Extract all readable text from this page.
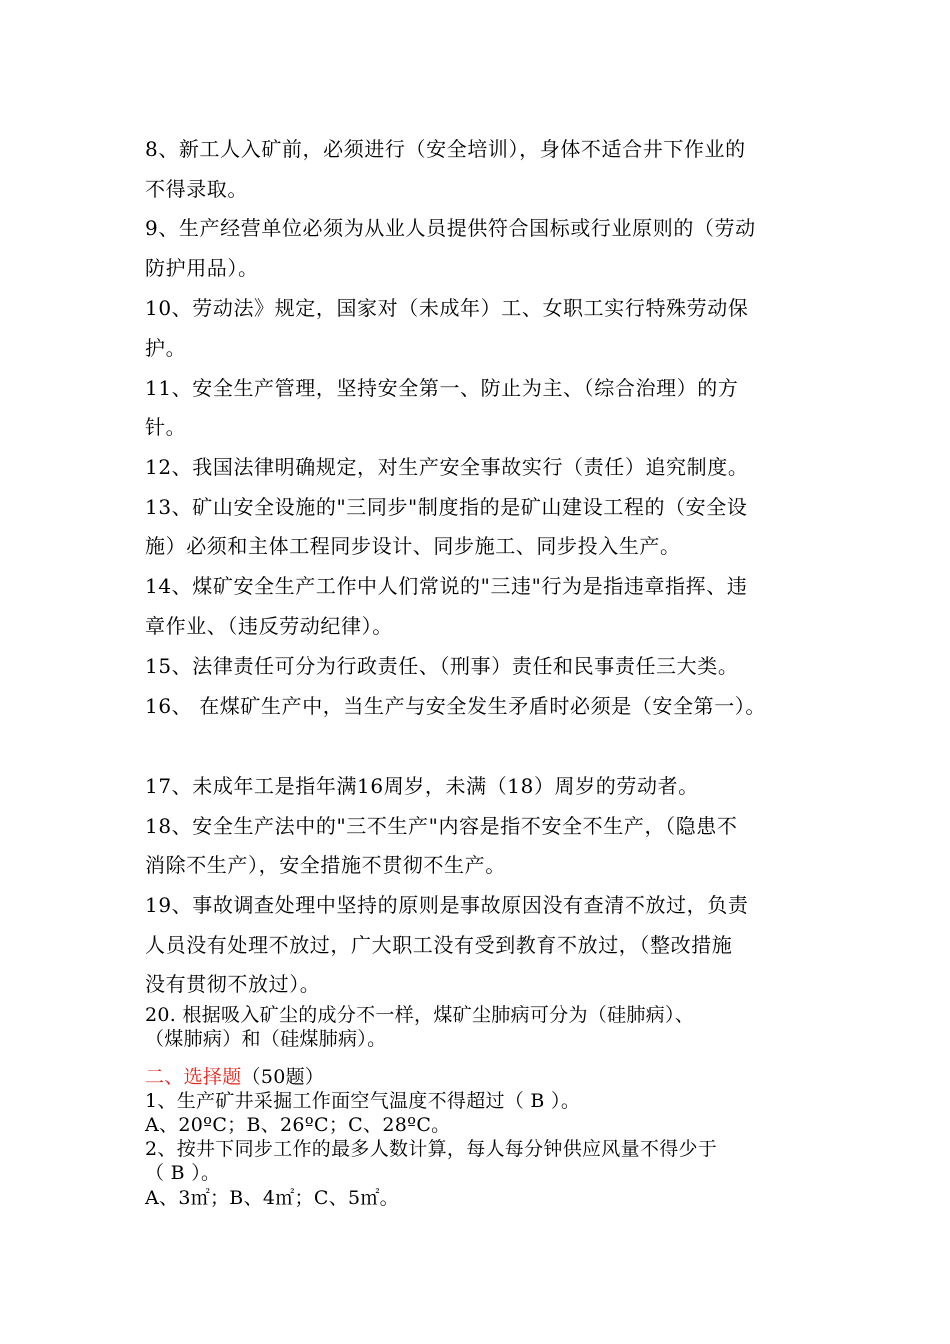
8、新工人入矿前，必须进行（安全培训），身体不适合井下作业的
不得录取。
9、生产经营单位必须为从业人员提供符合国标或行业原则的（劳动
防护用品）。
10、劳动法》规定，国家对（未成年）工、女职工实行特殊劳动保
护。
11、安全生产管理，坚持安全第一、防止为主、（综合治理）的方
针。
12、我国法律明确规定，对生产安全事故实行（责任）追究制度。
13、矿山安全设施的"三同步"制度指的是矿山建设工程的（安全设
施）必须和主体工程同步设计、同步施工、同步投入生产。
14、煤矿安全生产工作中人们常说的"三违"行为是指违章指挥、违
章作业、（违反劳动纪律）。
15、法律责任可分为行政责任、（刑事）责任和民事责任三大类。
16、 在煤矿生产中，当生产与安全发生矛盾时必须是（安全第一）。
17、未成年工是指年满16周岁，未满（18）周岁的劳动者。
18、安全生产法中的"三不生产"内容是指不安全不生产，（隐患不
消除不生产），安全措施不贯彻不生产。
19、事故调查处理中坚持的原则是事故原因没有查清不放过，负责
人员没有处理不放过，广大职工没有受到教育不放过，（整改措施
没有贯彻不放过）。
20. 根据吸入矿尘的成分不一样，煤矿尘肺病可分为（硅肺病）、
（煤肺病）和（硅煤肺病）。
二、选择题（50题）
1、生产矿井采掘工作面空气温度不得超过（ B ）。
A、20ºC；B、26ºC；C、28ºC。
2、按井下同步工作的最多人数计算，每人每分钟供应风量不得少于
（ B ）。
A、3㎡；B、4㎡；C、5㎡。
